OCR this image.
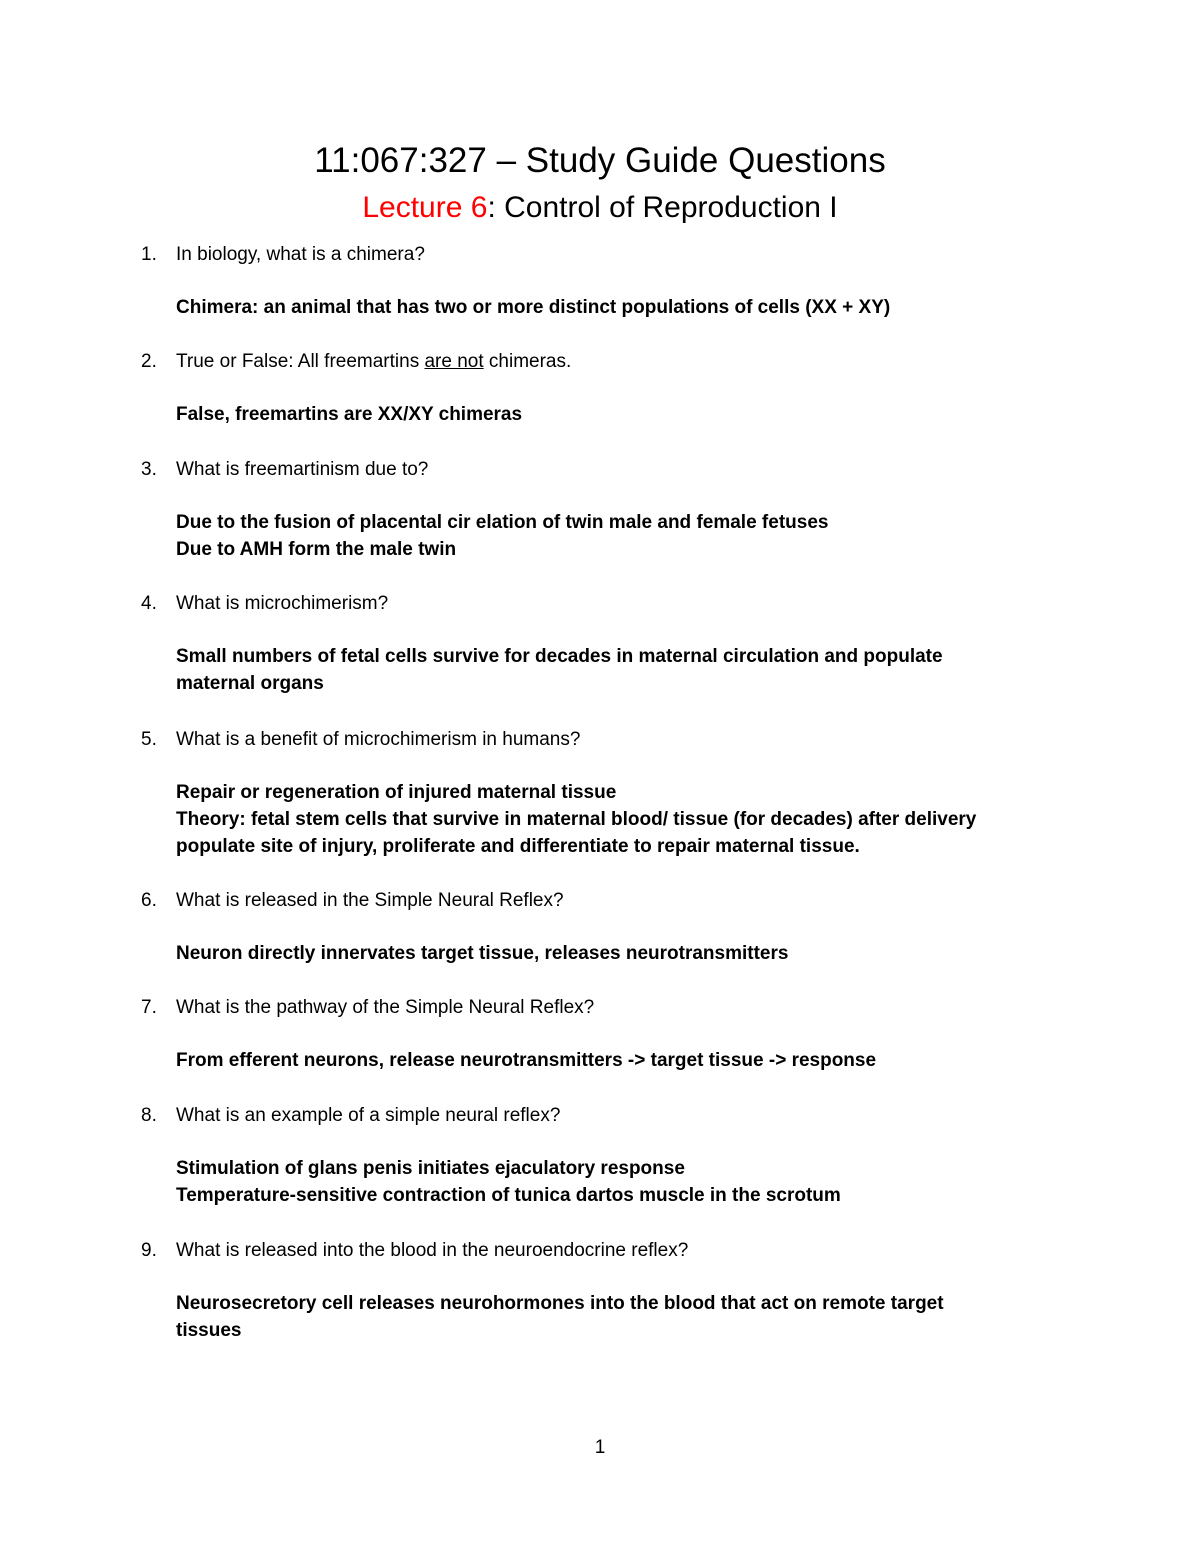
11:067:327 – Study Guide Questions
Lecture 6: Control of Reproduction I
1. In biology, what is a chimera?
Chimera: an animal that has two or more distinct populations of cells (XX + XY)
2. True or False: All freemartins are not chimeras.
False, freemartins are XX/XY chimeras
3. What is freemartinism due to?
Due to the fusion of placental cir elation of twin male and female fetuses
Due to AMH form the male twin
4. What is microchimerism?
Small numbers of fetal cells survive for decades in maternal circulation and populate
maternal organs
5. What is a benefit of microchimerism in humans?
Repair or regeneration of injured maternal tissue
Theory: fetal stem cells that survive in maternal blood/ tissue (for decades) after delivery
populate site of injury, proliferate and differentiate to repair maternal tissue.
6. What is released in the Simple Neural Reflex?
Neuron directly innervates target tissue, releases neurotransmitters
7. What is the pathway of the Simple Neural Reflex?
From efferent neurons, release neurotransmitters -> target tissue -> response
8. What is an example of a simple neural reflex?
Stimulation of glans penis initiates ejaculatory response
Temperature-sensitive contraction of tunica dartos muscle in the scrotum
9. What is released into the blood in the neuroendocrine reflex?
Neurosecretory cell releases neurohormones into the blood that act on remote target
tissues
1
